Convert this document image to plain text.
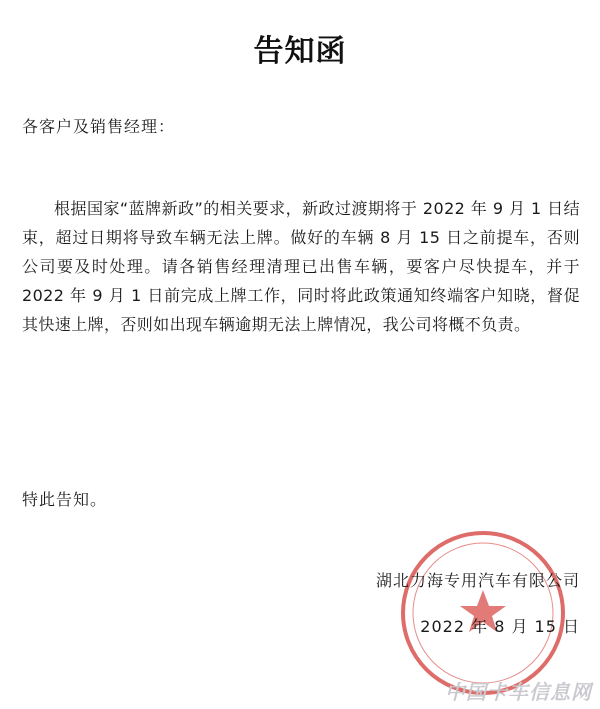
告知函
各客户及销售经理：
根据国家“蓝牌新政”的相关要求，新政过渡期将于 2022 年 9 月 1 日结束，超过日期将导致车辆无法上牌。做好的车辆 8 月 15 日之前提车，否则公司要及时处理。请各销售经理清理已出售车辆，要客户尽快提车，并于 2022 年 9 月 1 日前完成上牌工作，同时将此政策通知终端客户知晓，督促其快速上牌，否则如出现车辆逾期无法上牌情况，我公司将概不负责。
特此告知。
湖北力海专用汽车有限公司
2022 年 8 月 15 日
中国卡车信息网
